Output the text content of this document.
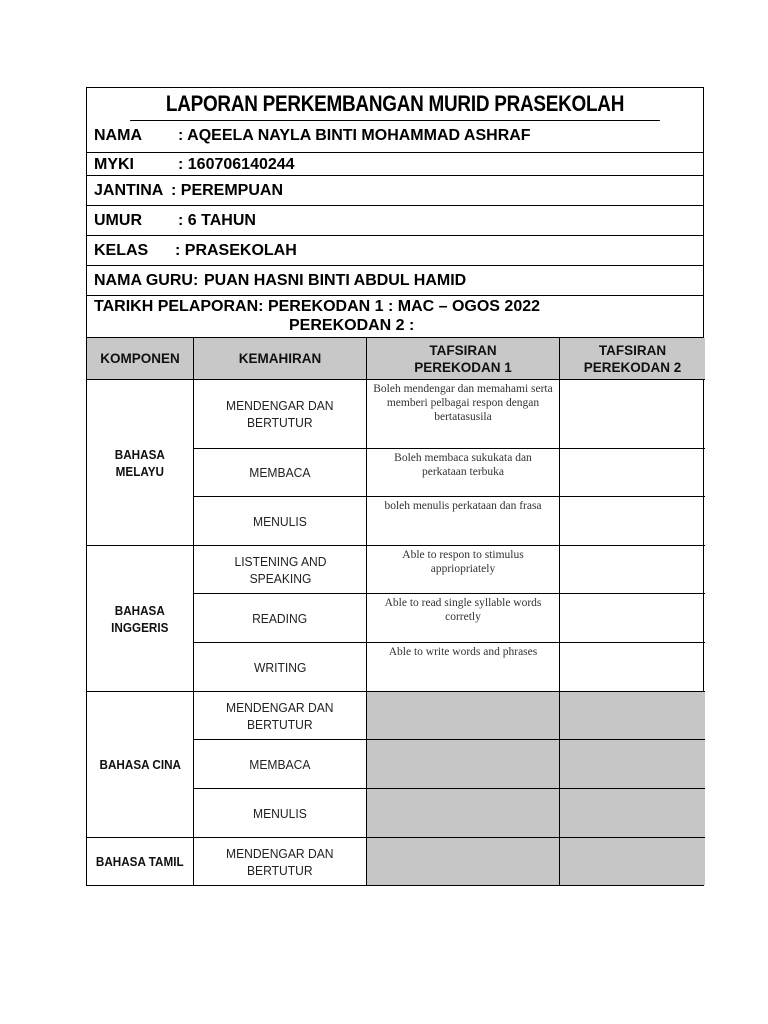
LAPORAN PERKEMBANGAN MURID PRASEKOLAH
NAMA : AQEELA NAYLA BINTI MOHAMMAD ASHRAF
MYKI	: 160706140244
JANTINA : PEREMPUAN
UMUR : 6 TAHUN
KELAS : PRASEKOLAH
NAMA GURU: PUAN HASNI BINTI ABDUL HAMID
TARIKH PELAPORAN: PEREKODAN 1 : MAC – OGOS 2022
PEREKODAN 2 :
KOMPONEN	KEMAHIRAN
TAFSIRAN
PEREKODAN 1
TAFSIRAN
PEREKODAN 2
BAHASA
MELAYU
MENDENGAR DAN
BERTUTUR
Boleh mendengar dan memahami serta memberi pelbagai respon dengan bertatasusila
MEMBACA
Boleh membaca sukukata dan perkataan terbuka
MENULIS
boleh menulis perkataan dan frasa
BAHASA
INGGERIS
LISTENING AND
SPEAKING
Able to respon to stimulus appriopriately
READING
Able to read single syllable words corretly
WRITING
Able to write words and phrases
BAHASA CINA
MENDENGAR DAN
BERTUTUR
MEMBACA
MENULIS
BAHASA TAMIL
MENDENGAR DAN
BERTUTUR
